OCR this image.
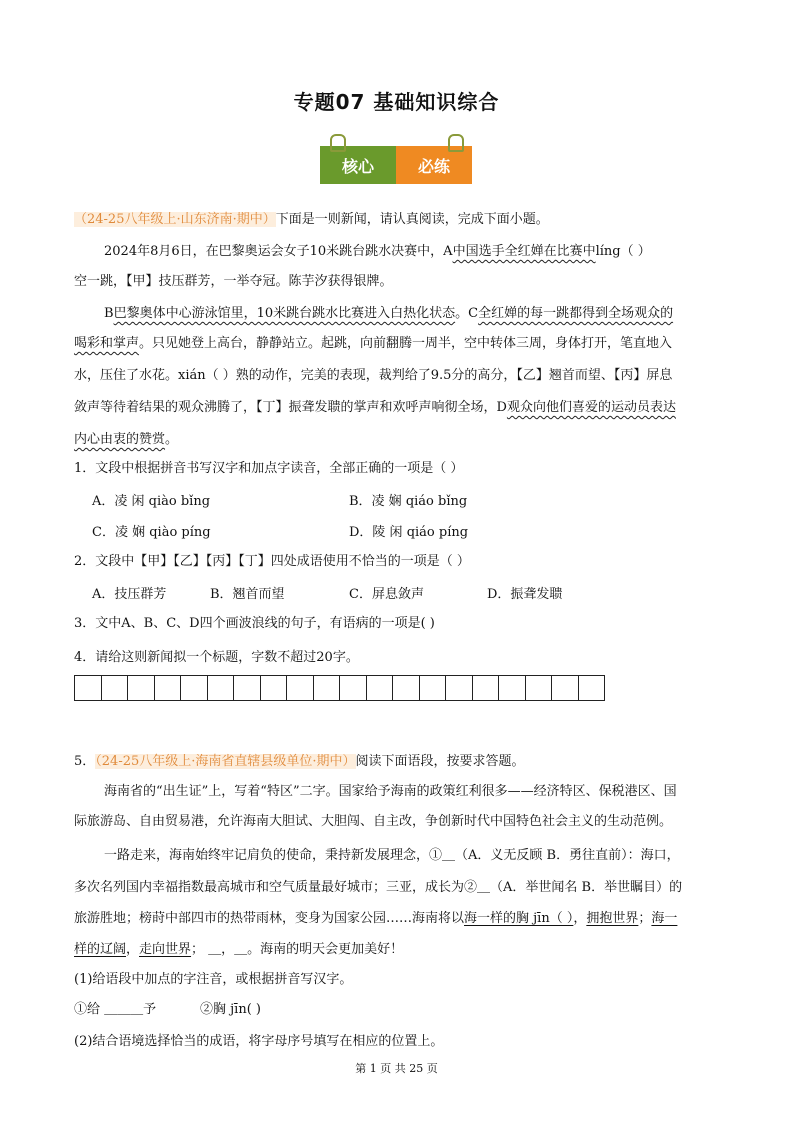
专题07 基础知识综合
核心	必练
（24-25八年级上·山东济南·期中）下面是一则新闻，请认真阅读，完成下面小题。
2024年8月6日，在巴黎奥运会女子10米跳台跳水决赛中，A中国选手全红婵在比赛中líng（ ）
空一跳，【甲】技压群芳，一举夺冠。陈芋汐获得银牌。
B巴黎奥体中心游泳馆里，10米跳台跳水比赛进入白热化状态。C全红婵的每一跳都得到全场观众的
喝彩和掌声。只见她登上高台，静静站立。起跳，向前翻腾一周半，空中转体三周，身体打开，笔直地入
水，压住了水花。xián（ ）熟的动作，完美的表现，裁判给了9.5分的高分，【乙】翘首而望、【丙】屏息
敛声等待着结果的观众沸腾了，【丁】振聋发聩的掌声和欢呼声响彻全场，D观众向他们喜爱的运动员表达
内心由衷的赞赏。
1．文段中根据拼音书写汉字和加点字读音，全部正确的一项是（ ）
A．凌 闲 qiào bǐng	B．凌 娴 qiáo bǐng
C．凌 娴 qiào píng	D．陵 闲 qiáo píng
2．文段中【甲】【乙】【丙】【丁】四处成语使用不恰当的一项是（ ）
A．技压群芳	B．翘首而望	C．屏息敛声	D．振聋发聩
3．文中A、B、C、D四个画波浪线的句子，有语病的一项是( )
4．请给这则新闻拟一个标题，字数不超过20字。
5．（24-25八年级上·海南省直辖县级单位·期中）阅读下面语段，按要求答题。
海南省的“出生证”上，写着“特区”二字。国家给予海南的政策红利很多——经济特区、保税港区、国
际旅游岛、自由贸易港，允许海南大胆试、大胆闯、自主改，争创新时代中国特色社会主义的生动范例。
一路走来，海南始终牢记肩负的使命，秉持新发展理念，①＿（A．义无反顾 B．勇往直前）：海口，
多次名列国内幸福指数最高城市和空气质量最好城市；三亚，成长为②＿（A．举世闻名 B．举世瞩目）的
旅游胜地；榜莳中部四市的热带雨林，变身为国家公园……海南将以海一样的胸 jīn（ ），拥抱世界；海一
样的辽阔，走向世界； ＿，＿。海南的明天会更加美好！
(1)给语段中加点的字注音，或根据拼音写汉字。
①给 ＿＿＿予	②胸 jīn( )
(2)结合语境选择恰当的成语，将字母序号填写在相应的位置上。
第 1 页 共 25 页
